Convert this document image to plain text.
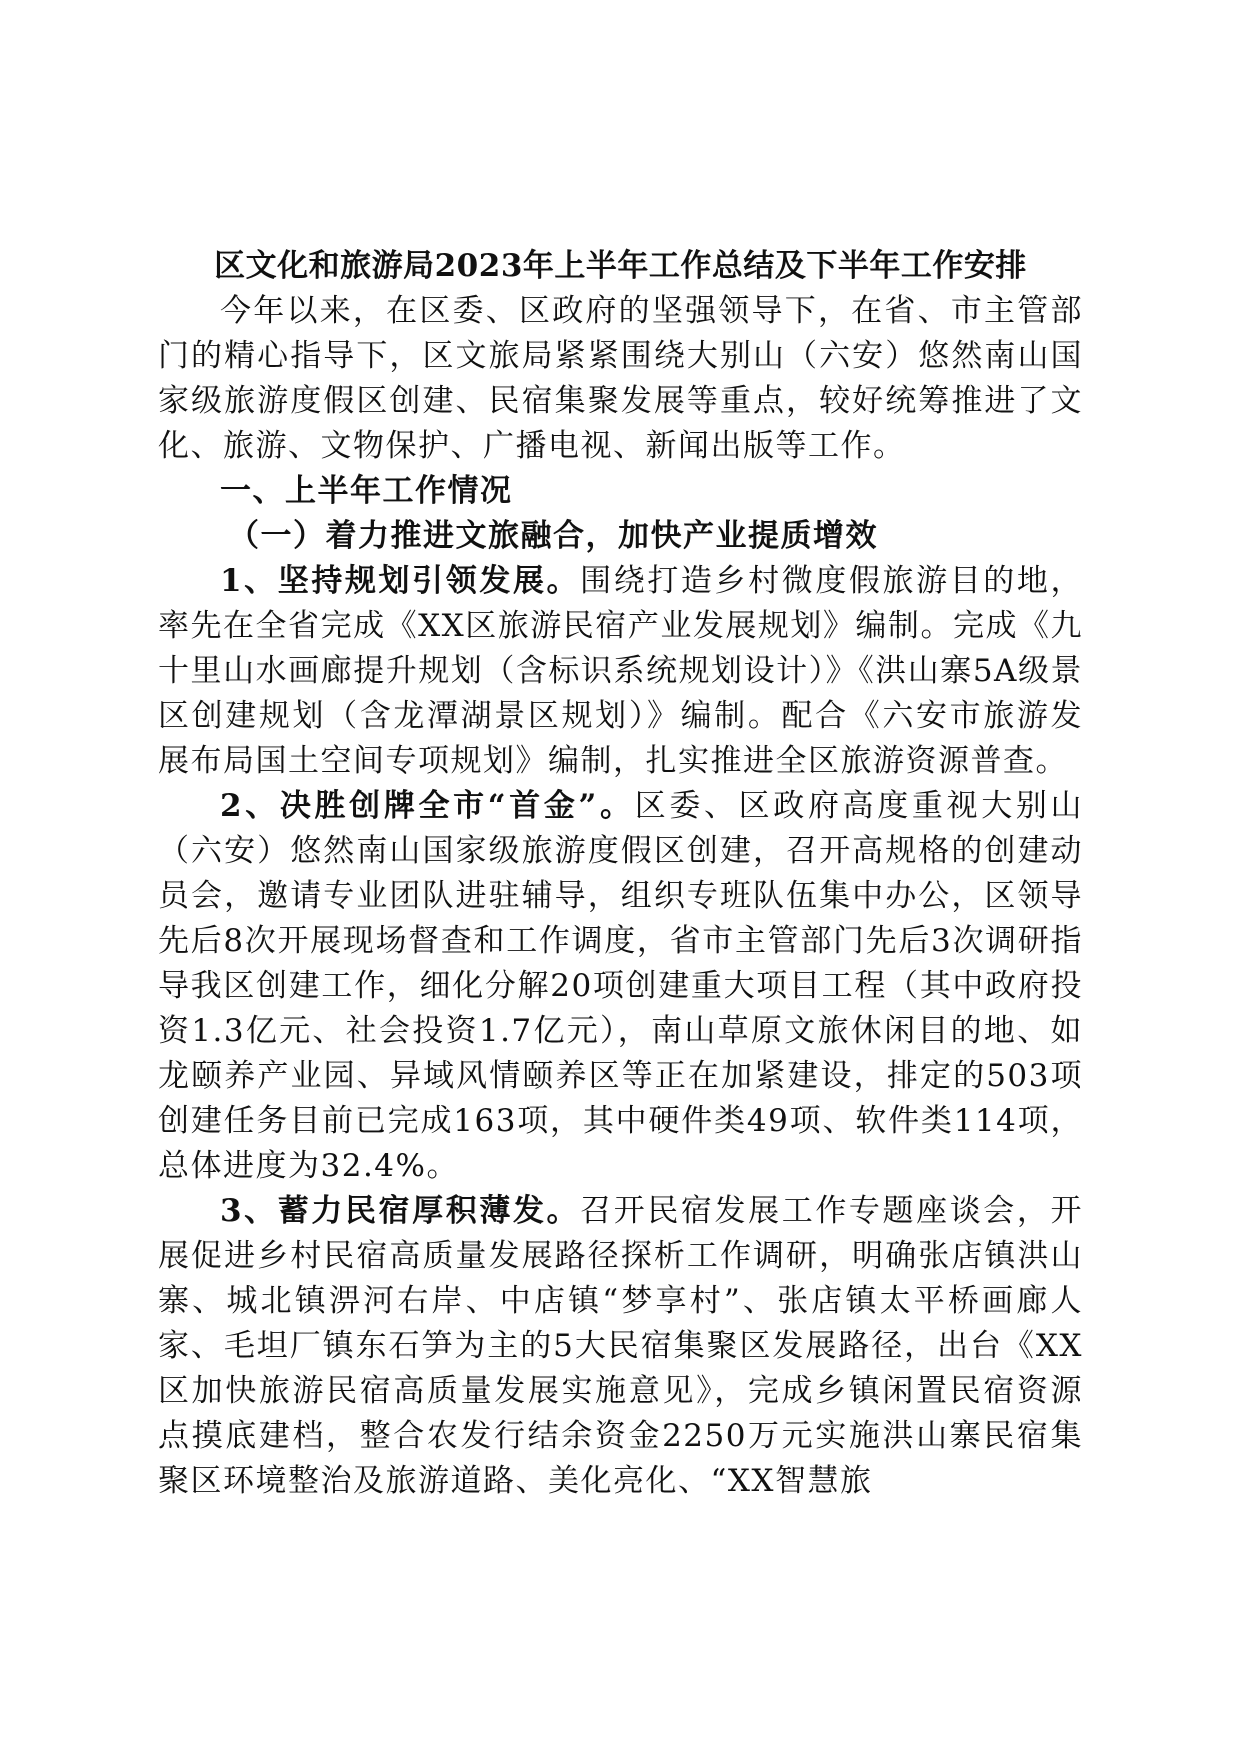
区文化和旅游局2023年上半年工作总结及下半年工作安排

今年以来，在区委、区政府的坚强领导下，在省、市主管部门的精心指导下，区文旅局紧紧围绕大别山（六安）悠然南山国家级旅游度假区创建、民宿集聚发展等重点，较好统筹推进了文化、旅游、文物保护、广播电视、新闻出版等工作。

一、上半年工作情况

（一）着力推进文旅融合，加快产业提质增效

1、坚持规划引领发展。围绕打造乡村微度假旅游目的地，率先在全省完成《XX区旅游民宿产业发展规划》编制。完成《九十里山水画廊提升规划（含标识系统规划设计）》《洪山寨5A级景区创建规划（含龙潭湖景区规划）》编制。配合《六安市旅游发展布局国土空间专项规划》编制，扎实推进全区旅游资源普查。

2、决胜创牌全市“首金”。区委、区政府高度重视大别山（六安）悠然南山国家级旅游度假区创建，召开高规格的创建动员会，邀请专业团队进驻辅导，组织专班队伍集中办公，区领导先后8次开展现场督查和工作调度，省市主管部门先后3次调研指导我区创建工作，细化分解20项创建重大项目工程（其中政府投资1.3亿元、社会投资1.7亿元），南山草原文旅休闲目的地、如龙颐养产业园、异域风情颐养区等正在加紧建设，排定的503项创建任务目前已完成163项，其中硬件类49项、软件类114项，总体进度为32.4%。

3、蓄力民宿厚积薄发。召开民宿发展工作专题座谈会，开展促进乡村民宿高质量发展路径探析工作调研，明确张店镇洪山寨、城北镇淠河右岸、中店镇“梦享村”、张店镇太平桥画廊人家、毛坦厂镇东石笋为主的5大民宿集聚区发展路径，出台《XX区加快旅游民宿高质量发展实施意见》，完成乡镇闲置民宿资源点摸底建档，整合农发行结余资金2250万元实施洪山寨民宿集聚区环境整治及旅游道路、美化亮化、“XX智慧旅
